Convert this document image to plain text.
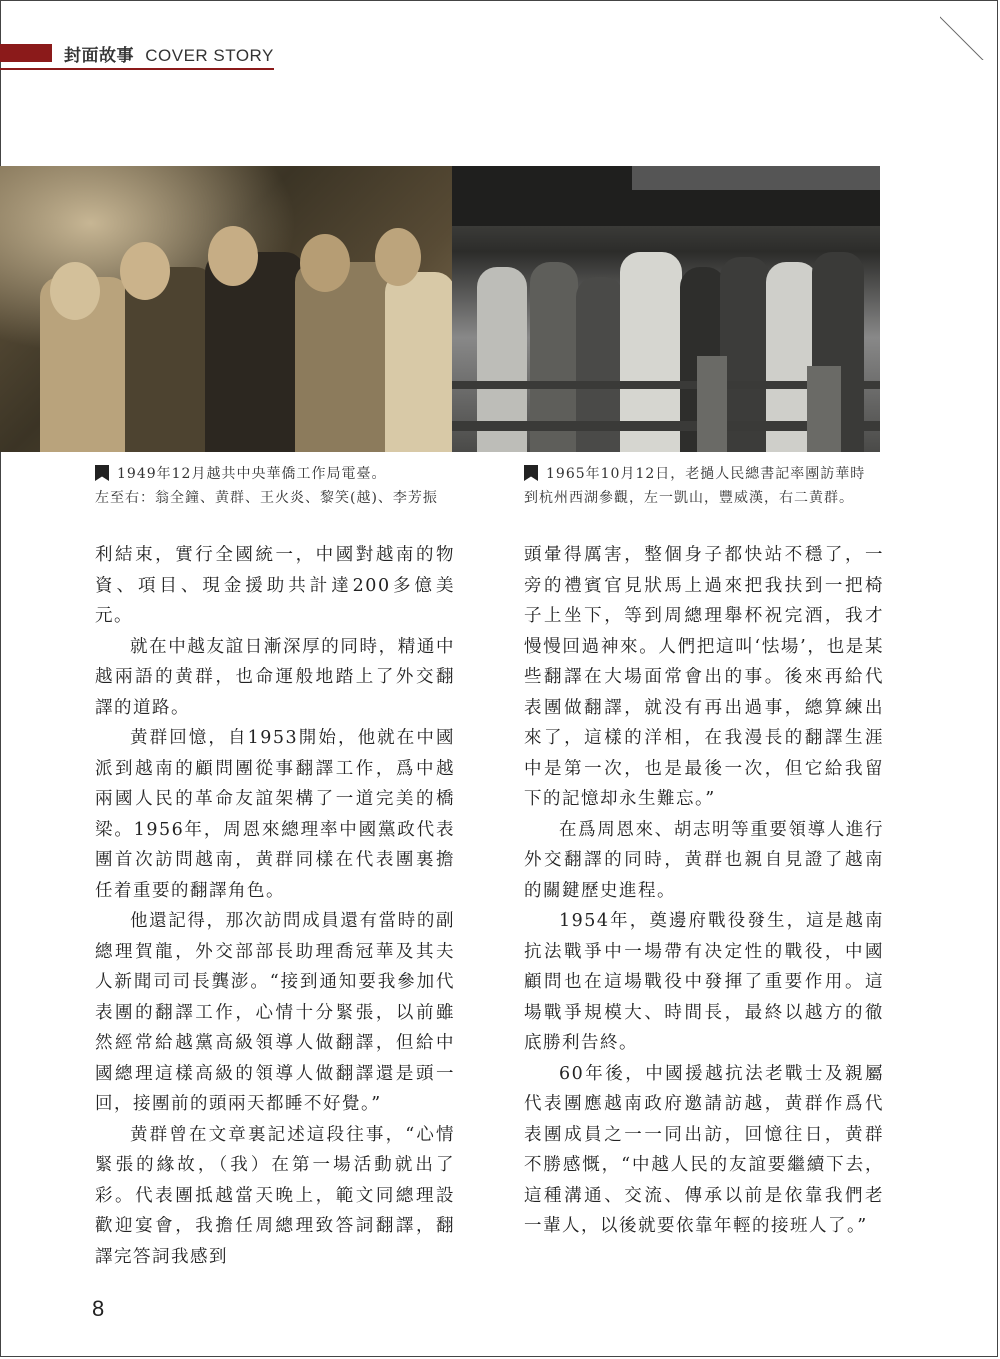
封面故事 COVER STORY
1949年12月越共中央華僑工作局電臺。
左至右：翁全鐘、黄群、王火炎、黎笑(越)、李芳振
1965年10月12日，老撾人民總書記率團訪華時
到杭州西湖參觀，左一凱山，豐威漢，右二黄群。

利結束，實行全國統一，中國對越南的物資、項目、現金援助共計達200多億美元。

就在中越友誼日漸深厚的同時，精通中越兩語的黄群，也命運般地踏上了外交翻譯的道路。

黄群回憶，自1953開始，他就在中國派到越南的顧問團從事翻譯工作，爲中越兩國人民的革命友誼架構了一道完美的橋梁。1956年，周恩來總理率中國黨政代表團首次訪問越南，黄群同樣在代表團裏擔任着重要的翻譯角色。

他還記得，那次訪問成員還有當時的副總理賀龍，外交部部長助理喬冠華及其夫人新聞司司長龔澎。“接到通知要我參加代表團的翻譯工作，心情十分緊張，以前雖然經常給越黨高級領導人做翻譯，但給中國總理這樣高級的領導人做翻譯還是頭一回，接團前的頭兩天都睡不好覺。”

黄群曾在文章裏記述這段往事，“心情緊張的緣故，（我）在第一場活動就出了彩。代表團抵越當天晚上，範文同總理設歡迎宴會，我擔任周總理致答詞翻譯，翻譯完答詞我感到

頭暈得厲害，整個身子都快站不穩了，一旁的禮賓官見狀馬上過來把我扶到一把椅子上坐下，等到周總理舉杯祝完酒，我才慢慢回過神來。人們把這叫‘怯場’，也是某些翻譯在大場面常會出的事。後來再給代表團做翻譯，就没有再出過事，總算練出來了，這樣的洋相，在我漫長的翻譯生涯中是第一次，也是最後一次，但它給我留下的記憶却永生難忘。”

在爲周恩來、胡志明等重要領導人進行外交翻譯的同時，黄群也親自見證了越南的關鍵歷史進程。

1954年，奠邊府戰役發生，這是越南抗法戰爭中一場帶有决定性的戰役，中國顧問也在這場戰役中發揮了重要作用。這場戰爭規模大、時間長，最終以越方的徹底勝利告終。

60年後，中國援越抗法老戰士及親屬代表團應越南政府邀請訪越，黄群作爲代表團成員之一一同出訪，回憶往日，黄群不勝感慨，“中越人民的友誼要繼續下去，這種溝通、交流、傳承以前是依靠我們老一輩人，以後就要依靠年輕的接班人了。”

8
